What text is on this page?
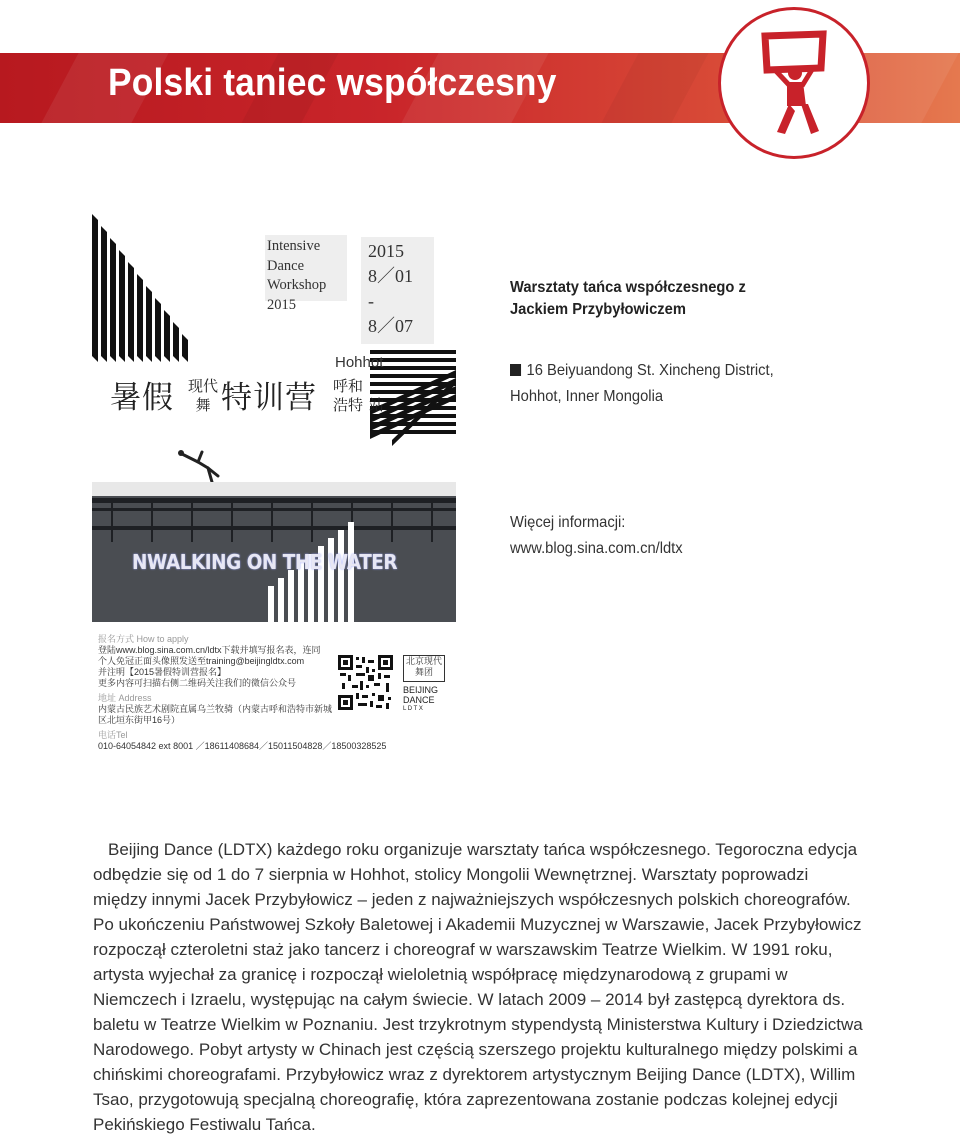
Polski taniec współczesny
Intensive
Dance
Workshop
2015
2015
8／01
-
8／07
Hohhot
暑假 现代
舞 特训营 呼和
浩特 站
NWALKING ON THE WATER
Warsztaty tańca współczesnego z Jackiem Przybyłowiczem
16 Beiyuandong St. Xincheng District,
Hohhot, Inner Mongolia
Więcej informacji:
www.blog.sina.com.cn/ldtx
报名方式 How to apply
登陆www.blog.sina.com.cn/ldtx下载并填写报名表，连同
个人免冠正面头像照发送至training@beijingldtx.com
并注明【2015暑假特训营报名】
更多内容可扫描右侧二维码关注我们的微信公众号
地址 Address
内蒙古民族艺术剧院直属乌兰牧骑（内蒙古呼和浩特市新城
区北垣东街甲16号）
电话Tel
010-64054842 ext 8001 ／18611408684／15011504828／18500328525
北京现代舞团
BEIJING
DANCE
L D T X
Beijing Dance (LDTX) każdego roku organizuje warsztaty tańca współczesnego. Tegoroczna edycja
odbędzie się od 1 do 7 sierpnia w Hohhot, stolicy Mongolii Wewnętrznej. Warsztaty poprowadzi
między innymi Jacek Przybyłowicz – jeden z najważniejszych współczesnych polskich choreografów.
Po ukończeniu Państwowej Szkoły Baletowej i Akademii Muzycznej w Warszawie, Jacek Przybyłowicz
rozpoczął czteroletni staż jako tancerz i choreograf w warszawskim Teatrze Wielkim. W 1991 roku,
artysta wyjechał za granicę i rozpoczął wieloletnią współpracę międzynarodową z grupami w
Niemczech i Izraelu, występując na całym świecie. W latach 2009 – 2014 był zastępcą dyrektora ds.
baletu w Teatrze Wielkim w Poznaniu. Jest trzykrotnym stypendystą Ministerstwa Kultury i Dziedzictwa
Narodowego. Pobyt artysty w Chinach jest częścią szerszego projektu kulturalnego między polskimi a
chińskimi choreografami. Przybyłowicz wraz z dyrektorem artystycznym Beijing Dance (LDTX), Willim
Tsao, przygotowują specjalną choreografię, która zaprezentowana zostanie podczas kolejnej edycji
Pekińskiego Festiwalu Tańca.
